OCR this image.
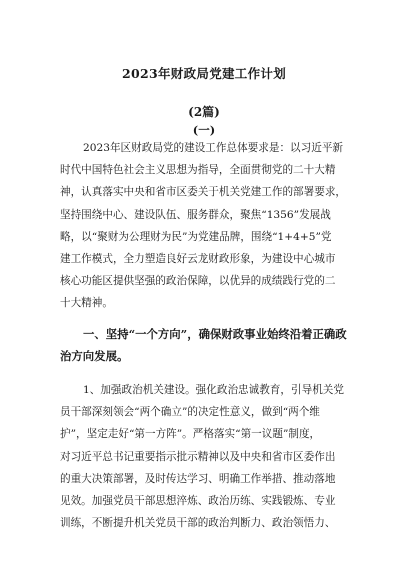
2023年财政局党建工作计划
(2篇)
(一)
2023年区财政局党的建设工作总体要求是：以习近平新
时代中国特色社会主义思想为指导，全面贯彻党的二十大精
神，认真落实中央和省市区委关于机关党建工作的部署要求，
坚持围绕中心、建设队伍、服务群众，聚焦“1356”发展战
略，以“聚财为公理财为民”为党建品牌，围绕“1+4+5”党
建工作模式，全力塑造良好云龙财政形象，为建设中心城市
核心功能区提供坚强的政治保障，以优异的成绩践行党的二
十大精神。
一、坚持“一个方向”，确保财政事业始终沿着正确政
治方向发展。
1、加强政治机关建设。强化政治忠诚教育，引导机关党
员干部深刻领会“两个确立”的决定性意义，做到“两个维
护”，坚定走好“第一方阵”。严格落实“第一议题”制度，
对习近平总书记重要指示批示精神以及中央和省市区委作出
的重大决策部署，及时传达学习、明确工作举措、推动落地
见效。加强党员干部思想淬炼、政治历练、实践锻炼、专业
训练，不断提升机关党员干部的政治判断力、政治领悟力、
